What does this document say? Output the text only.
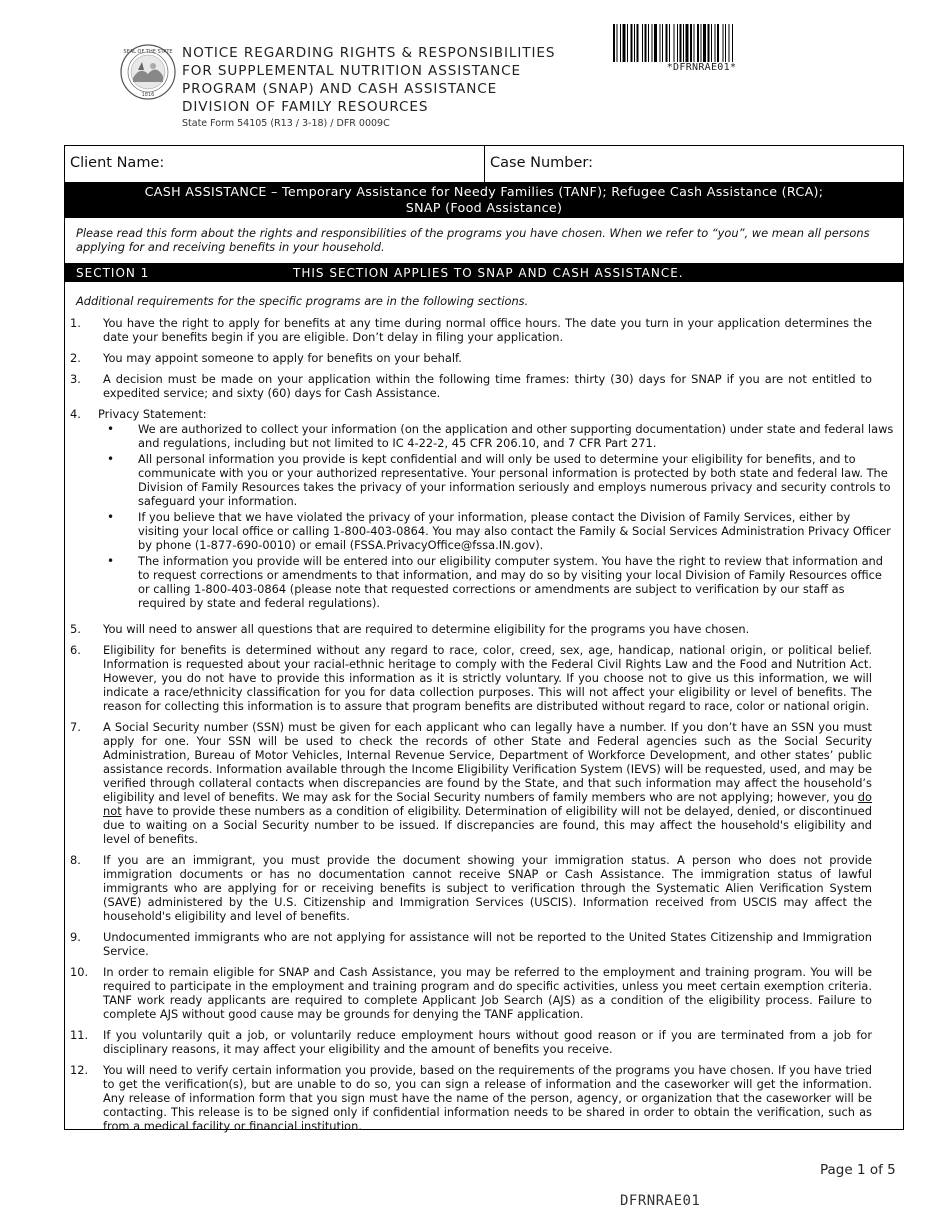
SEAL OF THE STATE
1816
NOTICE REGARDING RIGHTS & RESPONSIBILITIES
FOR SUPPLEMENTAL NUTRITION ASSISTANCE
PROGRAM (SNAP) AND CASH ASSISTANCE
DIVISION OF FAMILY RESOURCES
State Form 54105 (R13 / 3-18) / DFR 0009C
*DFRNRAE01*
Client Name:	Case Number:
CASH ASSISTANCE – Temporary Assistance for Needy Families (TANF); Refugee Cash Assistance (RCA);
SNAP (Food Assistance)
Please read this form about the rights and responsibilities of the programs you have chosen. When we refer to “you”, we mean all persons applying for and receiving benefits in your household.
SECTION 1	THIS SECTION APPLIES TO SNAP AND CASH ASSISTANCE.
Additional requirements for the specific programs are in the following sections.
1. You have the right to apply for benefits at any time during normal office hours. The date you turn in your application determines the date your benefits begin if you are eligible. Don’t delay in filing your application.
2. You may appoint someone to apply for benefits on your behalf.
3. A decision must be made on your application within the following time frames: thirty (30) days for SNAP if you are not entitled to expedited service; and sixty (60) days for Cash Assistance.
4. Privacy Statement:
• We are authorized to collect your information (on the application and other supporting documentation) under state and federal laws and regulations, including but not limited to IC 4-22-2, 45 CFR 206.10, and 7 CFR Part 271.
• All personal information you provide is kept confidential and will only be used to determine your eligibility for benefits, and to communicate with you or your authorized representative. Your personal information is protected by both state and federal law. The Division of Family Resources takes the privacy of your information seriously and employs numerous privacy and security controls to safeguard your information.
• If you believe that we have violated the privacy of your information, please contact the Division of Family Services, either by visiting your local office or calling 1-800-403-0864. You may also contact the Family & Social Services Administration Privacy Officer by phone (1-877-690-0010) or email (FSSA.PrivacyOffice@fssa.IN.gov).
• The information you provide will be entered into our eligibility computer system. You have the right to review that information and to request corrections or amendments to that information, and may do so by visiting your local Division of Family Resources office or calling 1-800-403-0864 (please note that requested corrections or amendments are subject to verification by our staff as required by state and federal regulations).
5. You will need to answer all questions that are required to determine eligibility for the programs you have chosen.
6. Eligibility for benefits is determined without any regard to race, color, creed, sex, age, handicap, national origin, or political belief. Information is requested about your racial-ethnic heritage to comply with the Federal Civil Rights Law and the Food and Nutrition Act. However, you do not have to provide this information as it is strictly voluntary. If you choose not to give us this information, we will indicate a race/ethnicity classification for you for data collection purposes. This will not affect your eligibility or level of benefits. The reason for collecting this information is to assure that program benefits are distributed without regard to race, color or national origin.
7. A Social Security number (SSN) must be given for each applicant who can legally have a number. If you don’t have an SSN you must apply for one. Your SSN will be used to check the records of other State and Federal agencies such as the Social Security Administration, Bureau of Motor Vehicles, Internal Revenue Service, Department of Workforce Development, and other states’ public assistance records. Information available through the Income Eligibility Verification System (IEVS) will be requested, used, and may be verified through collateral contacts when discrepancies are found by the State, and that such information may affect the household’s eligibility and level of benefits. We may ask for the Social Security numbers of family members who are not applying; however, you do not have to provide these numbers as a condition of eligibility. Determination of eligibility will not be delayed, denied, or discontinued due to waiting on a Social Security number to be issued. If discrepancies are found, this may affect the household's eligibility and level of benefits.
8. If you are an immigrant, you must provide the document showing your immigration status. A person who does not provide immigration documents or has no documentation cannot receive SNAP or Cash Assistance. The immigration status of lawful immigrants who are applying for or receiving benefits is subject to verification through the Systematic Alien Verification System (SAVE) administered by the U.S. Citizenship and Immigration Services (USCIS). Information received from USCIS may affect the household's eligibility and level of benefits.
9. Undocumented immigrants who are not applying for assistance will not be reported to the United States Citizenship and Immigration Service.
10. In order to remain eligible for SNAP and Cash Assistance, you may be referred to the employment and training program. You will be required to participate in the employment and training program and do specific activities, unless you meet certain exemption criteria. TANF work ready applicants are required to complete Applicant Job Search (AJS) as a condition of the eligibility process. Failure to complete AJS without good cause may be grounds for denying the TANF application.
11. If you voluntarily quit a job, or voluntarily reduce employment hours without good reason or if you are terminated from a job for disciplinary reasons, it may affect your eligibility and the amount of benefits you receive.
12. You will need to verify certain information you provide, based on the requirements of the programs you have chosen. If you have tried to get the verification(s), but are unable to do so, you can sign a release of information and the caseworker will get the information. Any release of information form that you sign must have the name of the person, agency, or organization that the caseworker will be contacting. This release is to be signed only if confidential information needs to be shared in order to obtain the verification, such as from a medical facility or financial institution.
Page 1 of 5
DFRNRAE01
